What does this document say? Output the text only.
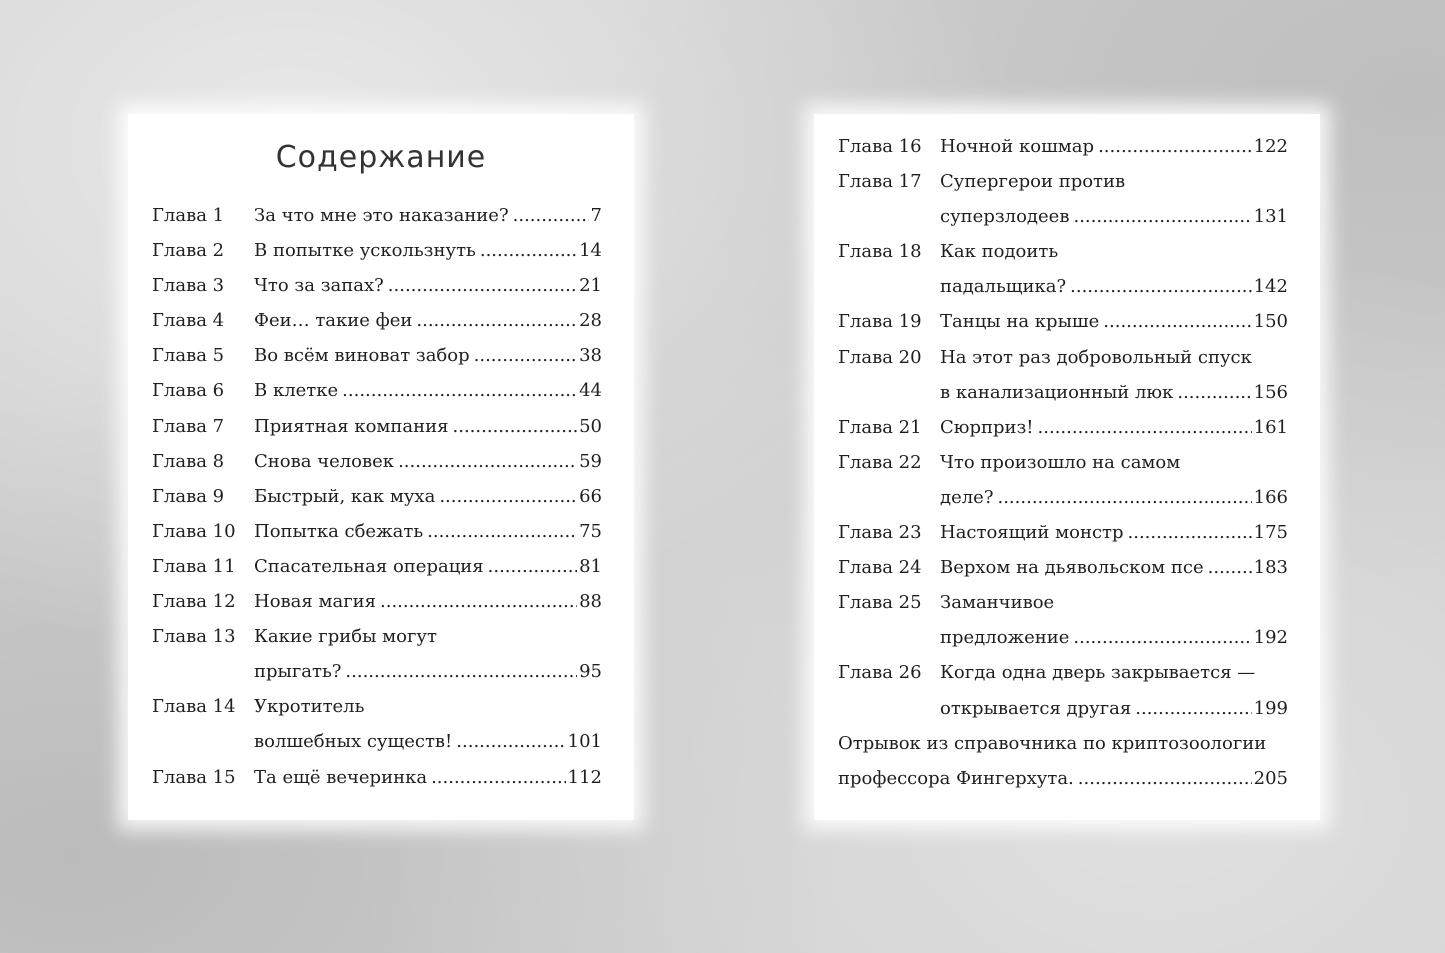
Содержание
Глава 1	За что мне это наказание? .....	7
Глава 2	В попытке ускользнуть .....	14
Глава 3	Что за запах? .....	21
Глава 4	Феи… такие феи .....	28
Глава 5	Во всём виноват забор .....	38
Глава 6	В клетке .....	44
Глава 7	Приятная компания .....	50
Глава 8	Снова человек .....	59
Глава 9	Быстрый, как муха .....	66
Глава 10	Попытка сбежать .....	75
Глава 11	Спасательная операция .....	81
Глава 12	Новая магия .....	88
Глава 13	Какие грибы могут
прыгать? .....	95
Глава 14	Укротитель
волшебных существ! .....	101
Глава 15	Та ещё вечеринка .....	112
Глава 16	Ночной кошмар .....	122
Глава 17	Супергерои против
суперзлодеев .....	131
Глава 18	Как подоить
падальщика? .....	142
Глава 19	Танцы на крыше .....	150
Глава 20	На этот раз добровольный спуск
в канализационный люк .....	156
Глава 21	Сюрприз! .....	161
Глава 22	Что произошло на самом
деле? .....	166
Глава 23	Настоящий монстр .....	175
Глава 24	Верхом на дьявольском псе .....	183
Глава 25	Заманчивое
предложение .....	192
Глава 26	Когда одна дверь закрывается —
открывается другая .....	199
Отрывок из справочника по криптозоологии
профессора Фингерхута. .....	205
